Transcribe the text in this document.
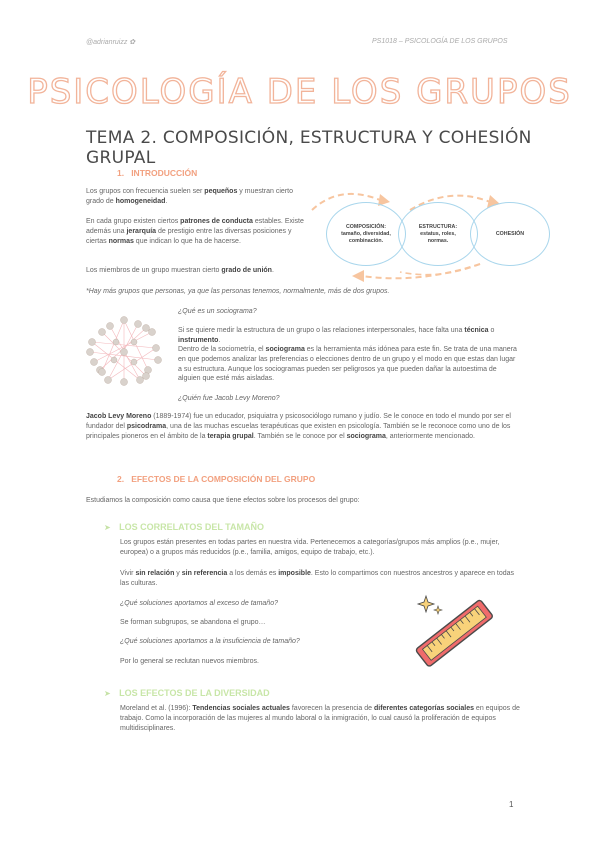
@adrianruizz ✿	PS1018 – PSICOLOGÍA DE LOS GRUPOS
PSICOLOGÍA DE LOS GRUPOS
TEMA 2. COMPOSICIÓN, ESTRUCTURA Y COHESIÓN GRUPAL
1. INTRODUCCIÓN
Los grupos con frecuencia suelen ser pequeños y muestran cierto grado de homogeneidad.
En cada grupo existen ciertos patrones de conducta estables. Existe además una jerarquía de prestigio entre las diversas posiciones y ciertas normas que indican lo que ha de hacerse.
Los miembros de un grupo muestran cierto grado de unión.
*Hay más grupos que personas, ya que las personas tenemos, normalmente, más de dos grupos.
COMPOSICIÓN:
tamaño, diversidad,
combinación.
ESTRUCTURA:
estatus, roles,
normas.
COHESIÓN
¿Qué es un sociograma?
Si se quiere medir la estructura de un grupo o las relaciones interpersonales, hace falta una técnica o instrumento.
Dentro de la sociometría, el sociograma es la herramienta más idónea para este fin. Se trata de una manera en que podemos analizar las preferencias o elecciones dentro de un grupo y el modo en que estas dan lugar a su estructura. Aunque los sociogramas pueden ser peligrosos ya que pueden dañar la autoestima de alguien que esté más aisladas.
¿Quién fue Jacob Levy Moreno?
Jacob Levy Moreno (1889-1974) fue un educador, psiquiatra y psicosociólogo rumano y judío. Se le conoce en todo el mundo por ser el fundador del psicodrama, una de las muchas escuelas terapéuticas que existen en psicología. También se le reconoce como uno de los principales pioneros en el ámbito de la terapia grupal. También se le conoce por el sociograma, anteriormente mencionado.
2. EFECTOS DE LA COMPOSICIÓN DEL GRUPO
Estudiamos la composición como causa que tiene efectos sobre los procesos del grupo:
➤ LOS CORRELATOS DEL TAMAÑO
Los grupos están presentes en todas partes en nuestra vida. Pertenecemos a categorías/grupos más amplios (p.e., mujer, europea) o a grupos más reducidos (p.e., familia, amigos, equipo de trabajo, etc.).
Vivir sin relación y sin referencia a los demás es imposible. Esto lo compartimos con nuestros ancestros y aparece en todas las culturas.
¿Qué soluciones aportamos al exceso de tamaño?
Se forman subgrupos, se abandona el grupo…
¿Qué soluciones aportamos a la insuficiencia de tamaño?
Por lo general se reclutan nuevos miembros.
➤ LOS EFECTOS DE LA DIVERSIDAD
Moreland et al. (1996): Tendencias sociales actuales favorecen la presencia de diferentes categorías sociales en equipos de trabajo. Como la incorporación de las mujeres al mundo laboral o la inmigración, lo cual causó la proliferación de equipos multidisciplinares.
1
